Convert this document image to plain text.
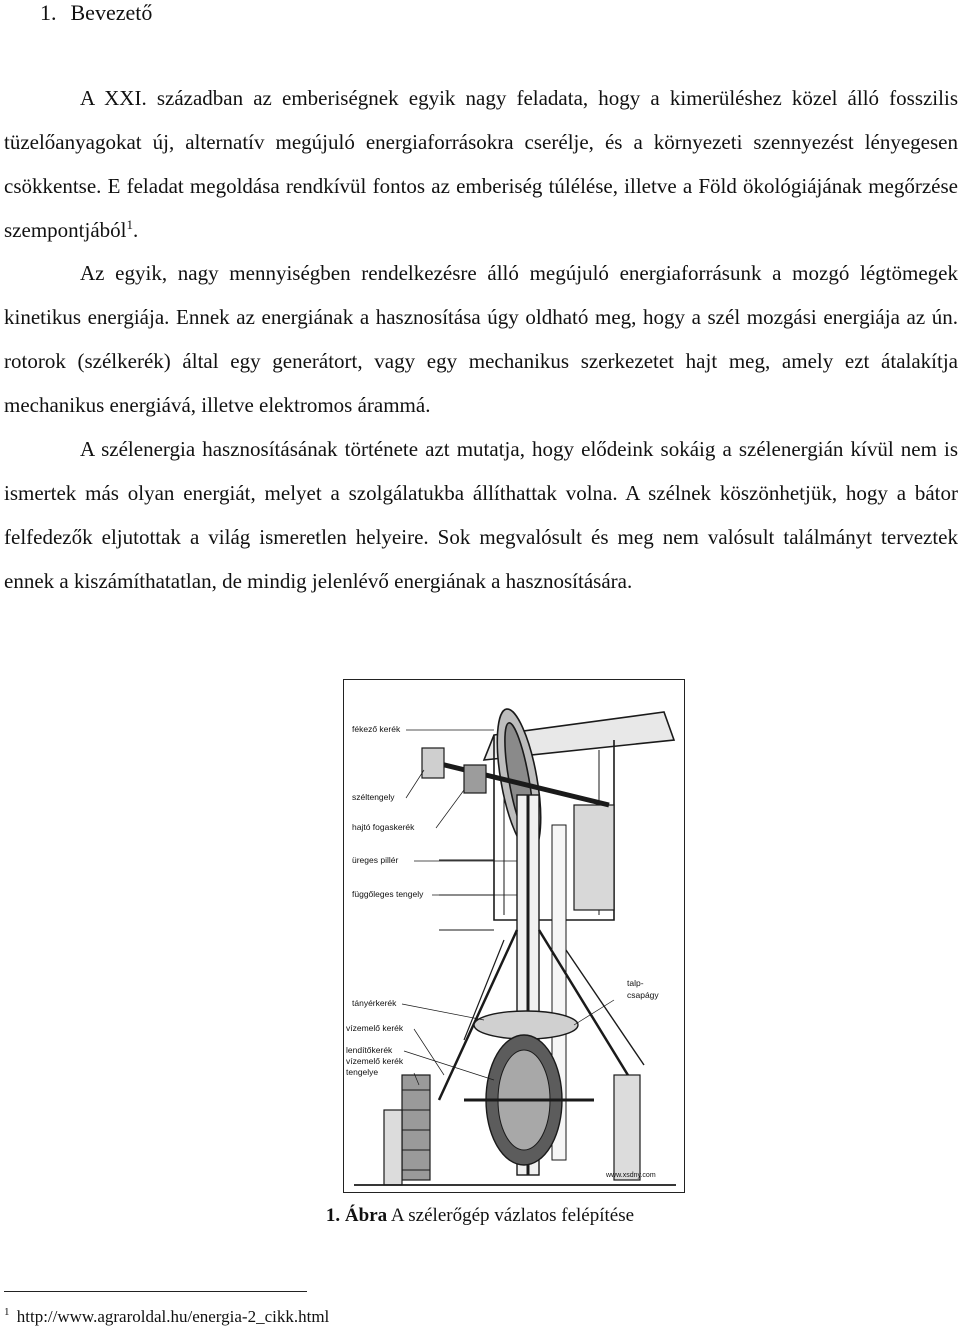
1. Bevezető

A XXI. században az emberiségnek egyik nagy feladata, hogy a kimerüléshez közel álló fosszilis tüzelőanyagokat új, alternatív megújuló energiaforrásokra cserélje, és a környezeti szennyezést lényegesen csökkentse. E feladat megoldása rendkívül fontos az emberiség túlélése, illetve a Föld ökológiájának megőrzése szempontjából$^1$.

Az egyik, nagy mennyiségben rendelkezésre álló megújuló energiaforrásunk a mozgó légtömegek kinetikus energiája. Ennek az energiának a hasznosítása úgy oldható meg, hogy a szél mozgási energiája az ún. rotorok (szélkerék) által egy generátort, vagy egy mechanikus szerkezetet hajt meg, amely ezt átalakítja mechanikus energiává, illetve elektromos árammá.

A szélenergia hasznosításának története azt mutatja, hogy elődeink sokáig a szélenergián kívül nem is ismertek más olyan energiát, melyet a szolgálatukba állíthattak volna. A szélnek köszönhetjük, hogy a bátor felfedezők eljutottak a világ ismeretlen helyeire. Sok megvalósult és meg nem valósult találmányt terveztek ennek a kiszámíthatatlan, de mindig jelenlévő energiának a hasznosítására.

fékező kerék
széltengely
hajtó fogaskerék
üreges pillér
függőleges tengely
tányérkerék
talp-
csapágy
vízemelő kerék
lendítőkerék
vízemelő kerék
tengelye
www.xsdny.com
1. Ábra A szélerőgép vázlatos felépítése
$^1$ http://www.agraroldal.hu/energia-2_cikk.html
